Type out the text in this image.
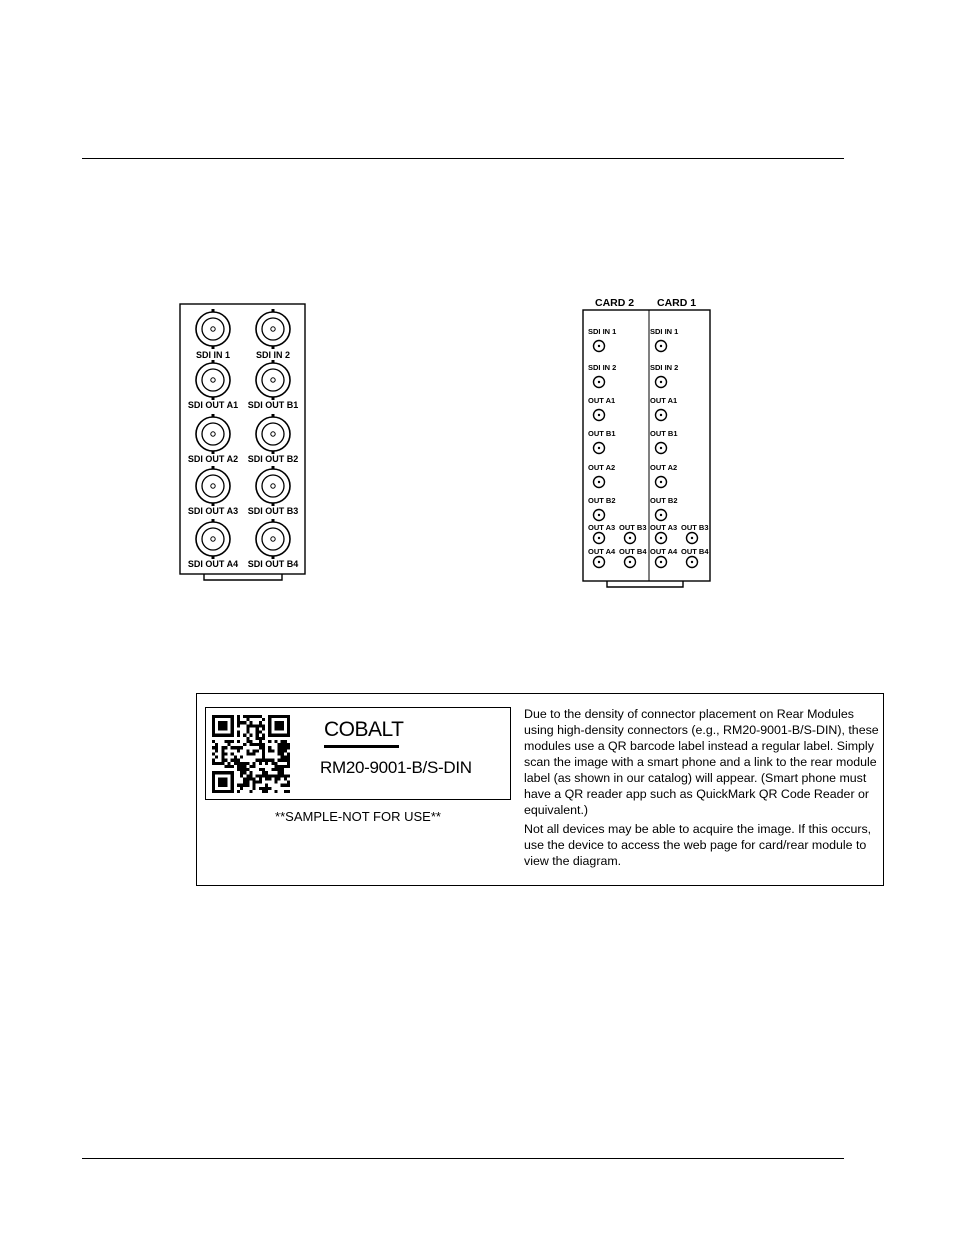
SDI IN 1	SDI IN 2
SDI OUT A1 SDI OUT B1
SDI OUT A2 SDI OUT B2
SDI OUT A3 SDI OUT B3
SDI OUT A4 SDI OUT B4
CARD 2 CARD 1
SDI IN 1	SDI IN 1
SDI IN 2	SDI IN 2
OUT A1	OUT A1
OUT B1	OUT B1
OUT A2	OUT A2
OUT B2	OUT B2
OUT A3 OUT B3 OUT A3 OUT B3
OUT A4 OUT B4 OUT A4 OUT B4
COBALT
RM20-9001-B/S-DIN
**SAMPLE-NOT FOR USE**

Due to the density of connector placement on Rear Modules using high-density connectors (e.g., RM20-9001-B/S-DIN), these modules use a QR barcode label instead a regular label. Simply scan the image with a smart phone and a link to the rear module label (as shown in our catalog) will appear. (Smart phone must have a QR reader app such as QuickMark QR Code Reader or equivalent.)

Not all devices may be able to acquire the image. If this occurs, use the device to access the web page for card/rear module to view the diagram.
